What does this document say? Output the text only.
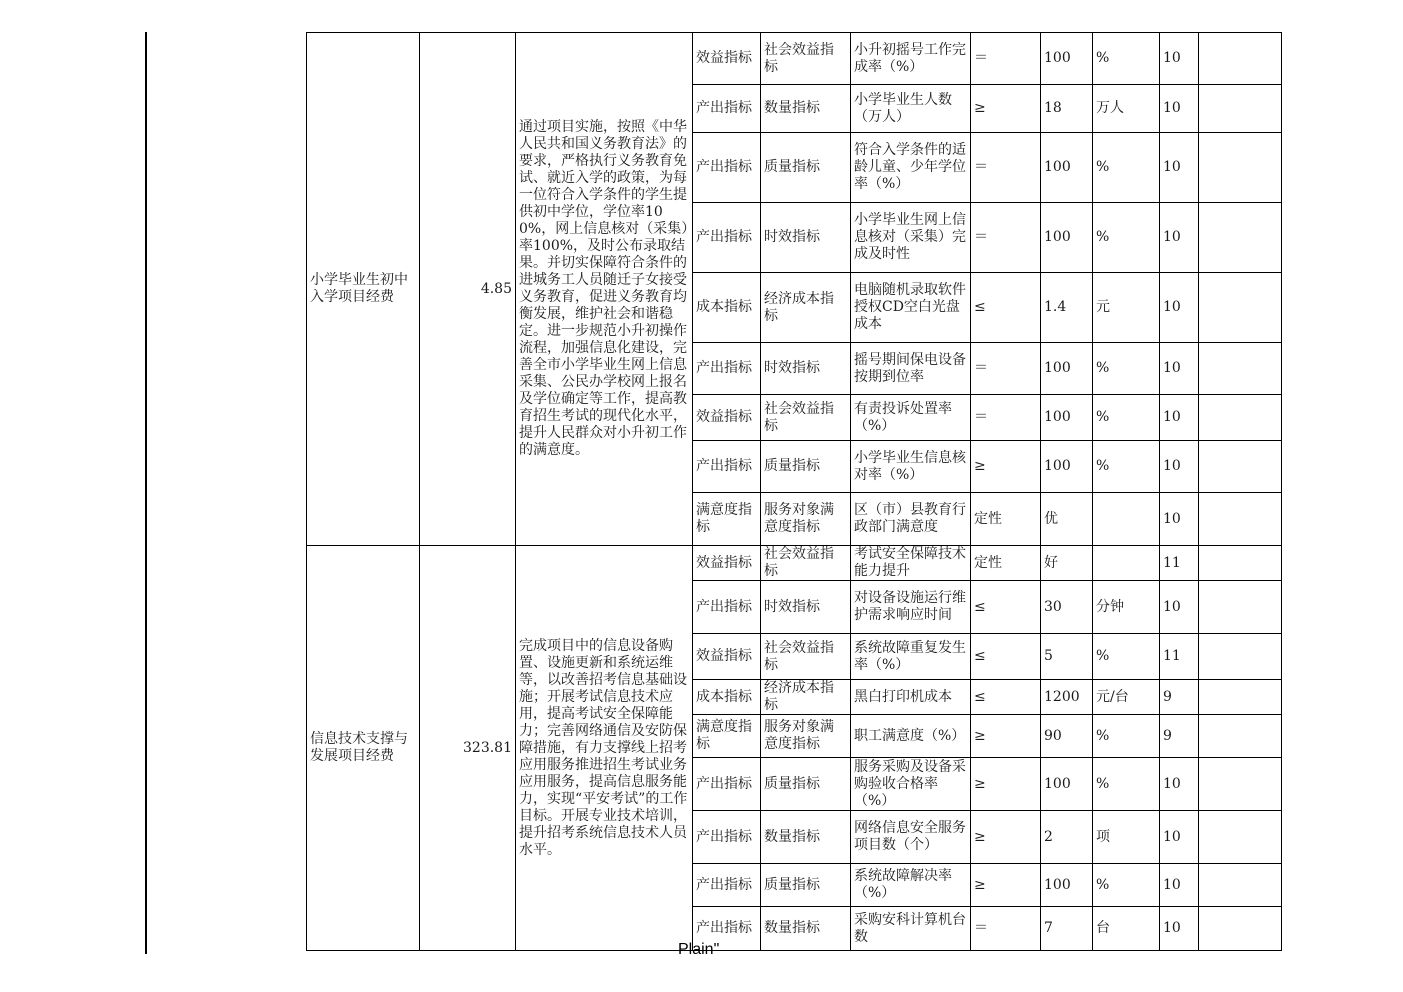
小学毕业生初中入学项目经费	4.85	通过项目实施，按照《中华人民共和国义务教育法》的要求，严格执行义务教育免试、就近入学的政策，为每一位符合入学条件的学生提供初中学位，学位率100%，网上信息核对（采集）率100%，及时公布录取结果。并切实保障符合条件的进城务工人员随迁子女接受义务教育，促进义务教育均衡发展，维护社会和谐稳定。进一步规范小升初操作流程，加强信息化建设，完善全市小学毕业生网上信息采集、公民办学校网上报名及学位确定等工作，提高教育招生考试的现代化水平，提升人民群众对小升初工作的满意度。	效益指标	社会效益指标	小升初摇号工作完成率（%）	＝	100	%	10	
			产出指标	数量指标	小学毕业生人数（万人）	≥	18	万人	10	
			产出指标	质量指标	符合入学条件的适龄儿童、少年学位率（%）	＝	100	%	10	
			产出指标	时效指标	小学毕业生网上信息核对（采集）完成及时性	＝	100	%	10	
			成本指标	经济成本指标	电脑随机录取软件授权CD空白光盘成本	≤	1.4	元	10	
			产出指标	时效指标	摇号期间保电设备按期到位率	＝	100	%	10	
			效益指标	社会效益指标	有责投诉处置率（%）	＝	100	%	10	
			产出指标	质量指标	小学毕业生信息核对率（%）	≥	100	%	10	
			满意度指标	服务对象满意度指标	区（市）县教育行政部门满意度	定性	优		10	
信息技术支撑与发展项目经费	323.81	完成项目中的信息设备购置、设施更新和系统运维等，以改善招考信息基础设施；开展考试信息技术应用，提高考试安全保障能力；完善网络通信及安防保障措施，有力支撑线上招考应用服务推进招生考试业务应用服务，提高信息服务能力，实现“平安考试”的工作目标。开展专业技术培训，提升招考系统信息技术人员水平。	效益指标	社会效益指标	考试安全保障技术能力提升	定性	好		11	
			产出指标	时效指标	对设备设施运行维护需求响应时间	≤	30	分钟	10	
			效益指标	社会效益指标	系统故障重复发生率（%）	≤	5	%	11	
			成本指标	经济成本指标	黑白打印机成本	≤	1200	元/台	9	
			满意度指标	服务对象满意度指标	职工满意度（%）	≥	90	%	9	
			产出指标	质量指标	服务采购及设备采购验收合格率（%）	≥	100	%	10	
			产出指标	数量指标	网络信息安全服务项目数（个）	≥	2	项	10	
			产出指标	质量指标	系统故障解决率（%）	≥	100	%	10	
			产出指标	数量指标	采购安科计算机台数	＝	7	台	10	
Plain"
